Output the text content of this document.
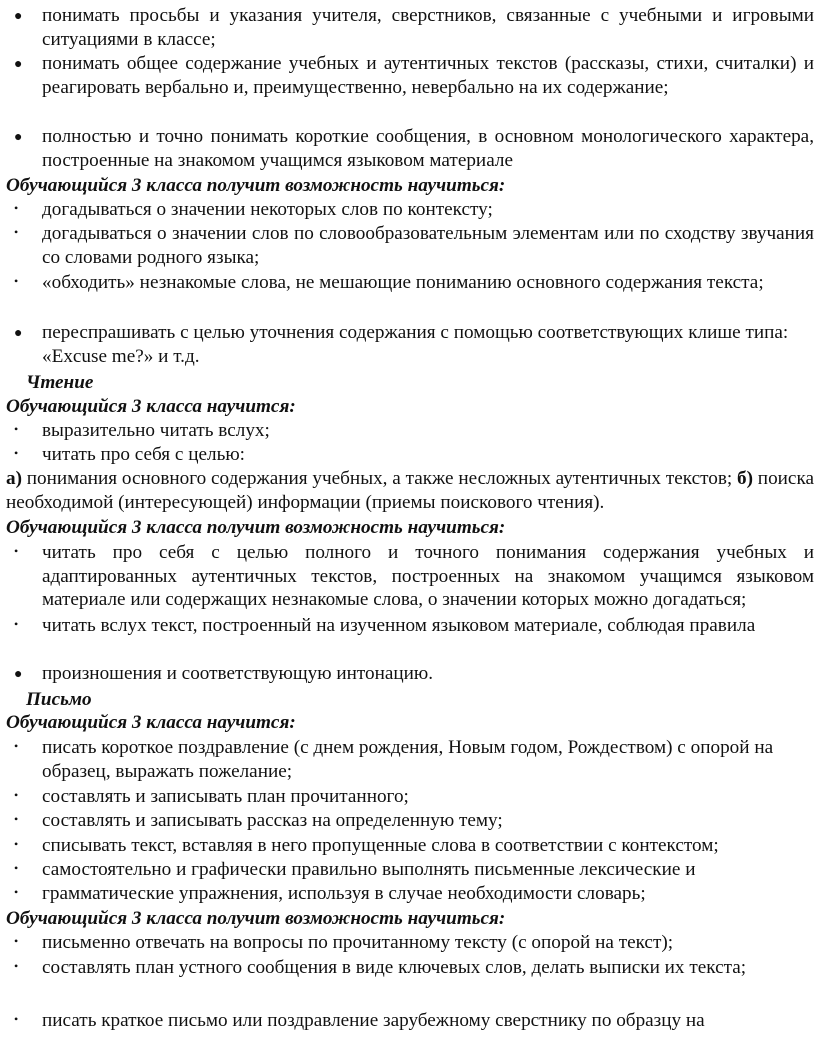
● понимать просьбы и указания учителя, сверстников, связанные с учебными и игровыми ситуациями в классе;
● понимать общее содержание учебных и аутентичных текстов (рассказы, стихи, считалки) и реагировать вербально и, преимущественно, невербально на их содержание;
● полностью и точно понимать короткие сообщения, в основном монологического характера, построенные на знакомом учащимся языковом материале
Обучающийся 3 класса получит возможность научиться:
• догадываться о значении некоторых слов по контексту;
• догадываться о значении слов по словообразовательным элементам или по сходству звучания со словами родного языка;
• «обходить» незнакомые слова, не мешающие пониманию основного содержания текста;
● переспрашивать с целью уточнения содержания с помощью соответствующих клише типа: «Excuse me?» и т.д.
Чтение
Обучающийся 3 класса научится:
• выразительно читать вслух;
• читать про себя с целью:
а) понимания основного содержания учебных, а также несложных аутентичных текстов; б) поиска необходимой (интересующей) информации (приемы поискового чтения).
Обучающийся 3 класса получит возможность научиться:
• читать про себя с целью полного и точного понимания содержания учебных и адаптированных аутентичных текстов, построенных на знакомом учащимся языковом материале или содержащих незнакомые слова, о значении которых можно догадаться;
• читать вслух текст, построенный на изученном языковом материале, соблюдая правила
● произношения и соответствующую интонацию.
Письмо
Обучающийся 3 класса научится:
• писать короткое поздравление (с днем рождения, Новым годом, Рождеством) с опорой на образец, выражать пожелание;
• составлять и записывать план прочитанного;
• составлять и записывать рассказ на определенную тему;
• списывать текст, вставляя в него пропущенные слова в соответствии с контекстом;
• самостоятельно и графически правильно выполнять письменные лексические и
• грамматические упражнения, используя в случае необходимости словарь;
Обучающийся 3 класса получит возможность научиться:
• письменно отвечать на вопросы по прочитанному тексту (с опорой на текст);
• составлять план устного сообщения в виде ключевых слов, делать выписки их текста;
• писать краткое письмо или поздравление зарубежному сверстнику по образцу на
